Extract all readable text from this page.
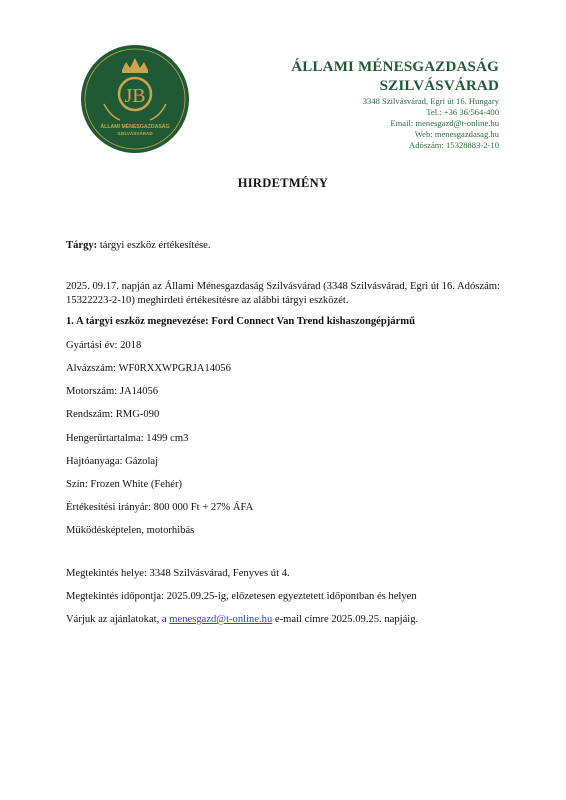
JB
ÁLLAMI MÉNESGAZDASÁG
SZILVÁSVÁRAD
ÁLLAMI MÉNESGAZDASÁG
SZILVÁSVÁRAD
3348 Szilvásvárad, Egri út 16. Hungary
Tel.: +36 36/564-400
Email: menesgazd@t-online.hu
Web: menesgazdasag.hu
Adószám: 15328883-2-10
HIRDETMÉNY
Tárgy: tárgyi eszköz értékesítése.
2025. 09.17. napján az Állami Ménesgazdaság Szilvásvárad (3348 Szilvásvárad, Egri út 16. Adószám: 15322223-2-10) meghirdeti értékesítésre az alábbi tárgyi eszközét.
1. A tárgyi eszköz megnevezése: Ford Connect Van Trend kishaszongépjármű
Gyártási év: 2018
Alvázszám: WF0RXXWPGRJA14056
Motorszám: JA14056
Rendszám: RMG-090
Hengerűrtartalma: 1499 cm3
Hajtóanyaga: Gázolaj
Szín: Frozen White (Fehér)
Értékesítési irányár: 800 000 Ft + 27% ÁFA
Működésképtelen, motorhibás
Megtekintés helye: 3348 Szilvásvárad, Fenyves út 4.
Megtekintés időpontja: 2025.09.25-ig, előzetesen egyeztetett időpontban és helyen
Várjuk az ajánlatokat, a menesgazd@t-online.hu e-mail címre 2025.09.25. napjáig.
